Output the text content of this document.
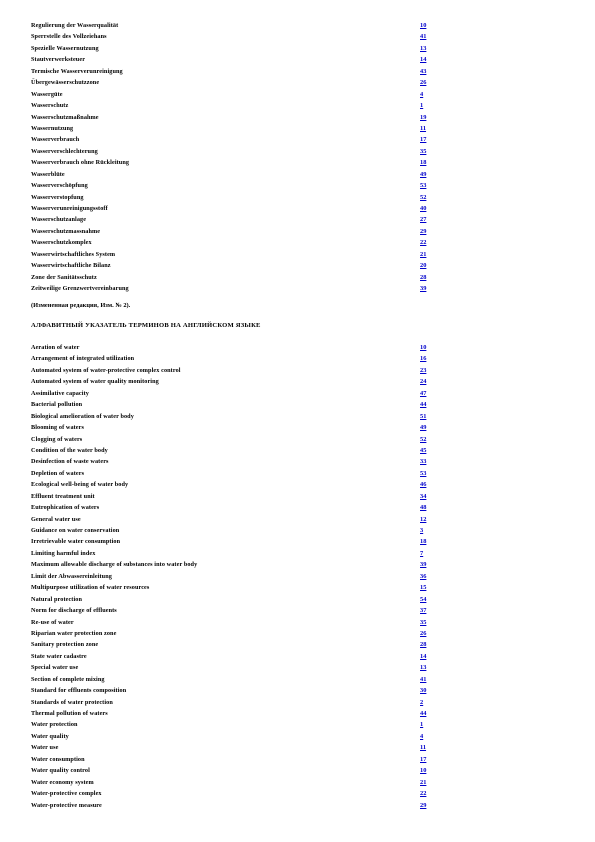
Regulierung der Wasserqualität	10
Sperrstelle des Vollzeiehans	41
Spezielle Wassernutzung	13
Stautverwerksteuer	14
Termische Wasserverunreinigung	43
Übergewässerschutzzone	26
Wassergüte	4
Wasserschutz	1
Wasserschutzmaßnahme	19
Wassernutzung	11
Wasserverbrauch	17
Wasserverschlechterung	35
Wasserverbrauch ohne Rückleitung	18
Wasserblüte	49
Wasserverschöpfung	53
Wasserverstopfung	52
Wasserverunreinigungsstoff	40
Wasserschutzanlage	27
Wasserschutzmassnahme	29
Wasserschutzkomplex	22
Wasserwirtschaftliches System	21
Wasserwirtschaftliche Bilanz	20
Zone der Sanitätsschutz	28
Zeitweilige Grenzwertvereinbarung	39
(Измененная редакция, Изм. № 2).
АЛФАВИТНЫЙ УКАЗАТЕЛЬ ТЕРМИНОВ НА АНГЛИЙСКОМ ЯЗЫКЕ
Aeration of water	10
Arrangement of integrated utilization	16
Automated system of water-protective complex control	23
Automated system of water quality monitoring	24
Assimilative capacity	47
Bacterial pollution	44
Biological amelioration of water body	51
Blooming of waters	49
Clogging of waters	52
Condition of the water body	45
Desinfection of waste waters	33
Depletion of waters	53
Ecological well-being of water body	46
Effluent treatment unit	34
Eutrophication of waters	48
General water use	12
Guidance on water conservation	3
Irretrievable water consumption	18
Limiting harmful index	7
Maximum allowable discharge of substances into water body	39
Limit der Abwassereinleitung	36
Multipurpose utilization of water resources	15
Natural protection	54
Norm for discharge of effluents	37
Re-use of water	35
Riparian water protection zone	26
Sanitary protection zone	28
State water cadastre	14
Special water use	13
Section of complete mixing	41
Standard for effluents composition	30
Standards of water protection	2
Thermal pollution of waters	44
Water protection	1
Water quality	4
Water use	11
Water consumption	17
Water quality control	10
Water economy system	21
Water-protective complex	22
Water-protective measure	29
